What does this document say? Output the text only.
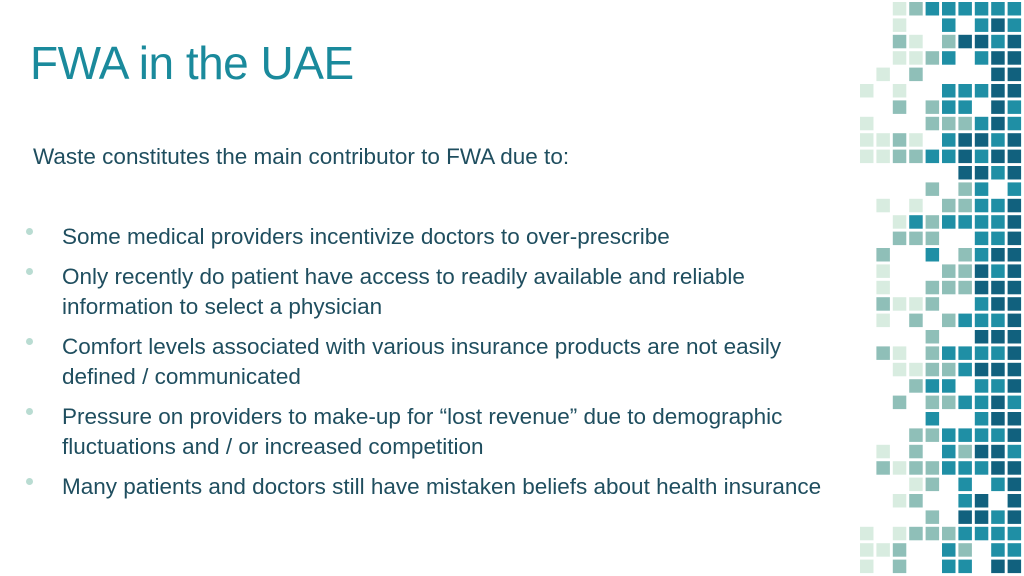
FWA in the UAE

Waste constitutes the main contributor to FWA due to:

Some medical providers incentivize doctors to over-prescribe
Only recently do patient have access to readily available and reliable information to select a physician
Comfort levels associated with various insurance products are not easily defined / communicated
Pressure on providers to make-up for “lost revenue” due to demographic fluctuations and / or increased competition
Many patients and doctors still have mistaken beliefs about health insurance
